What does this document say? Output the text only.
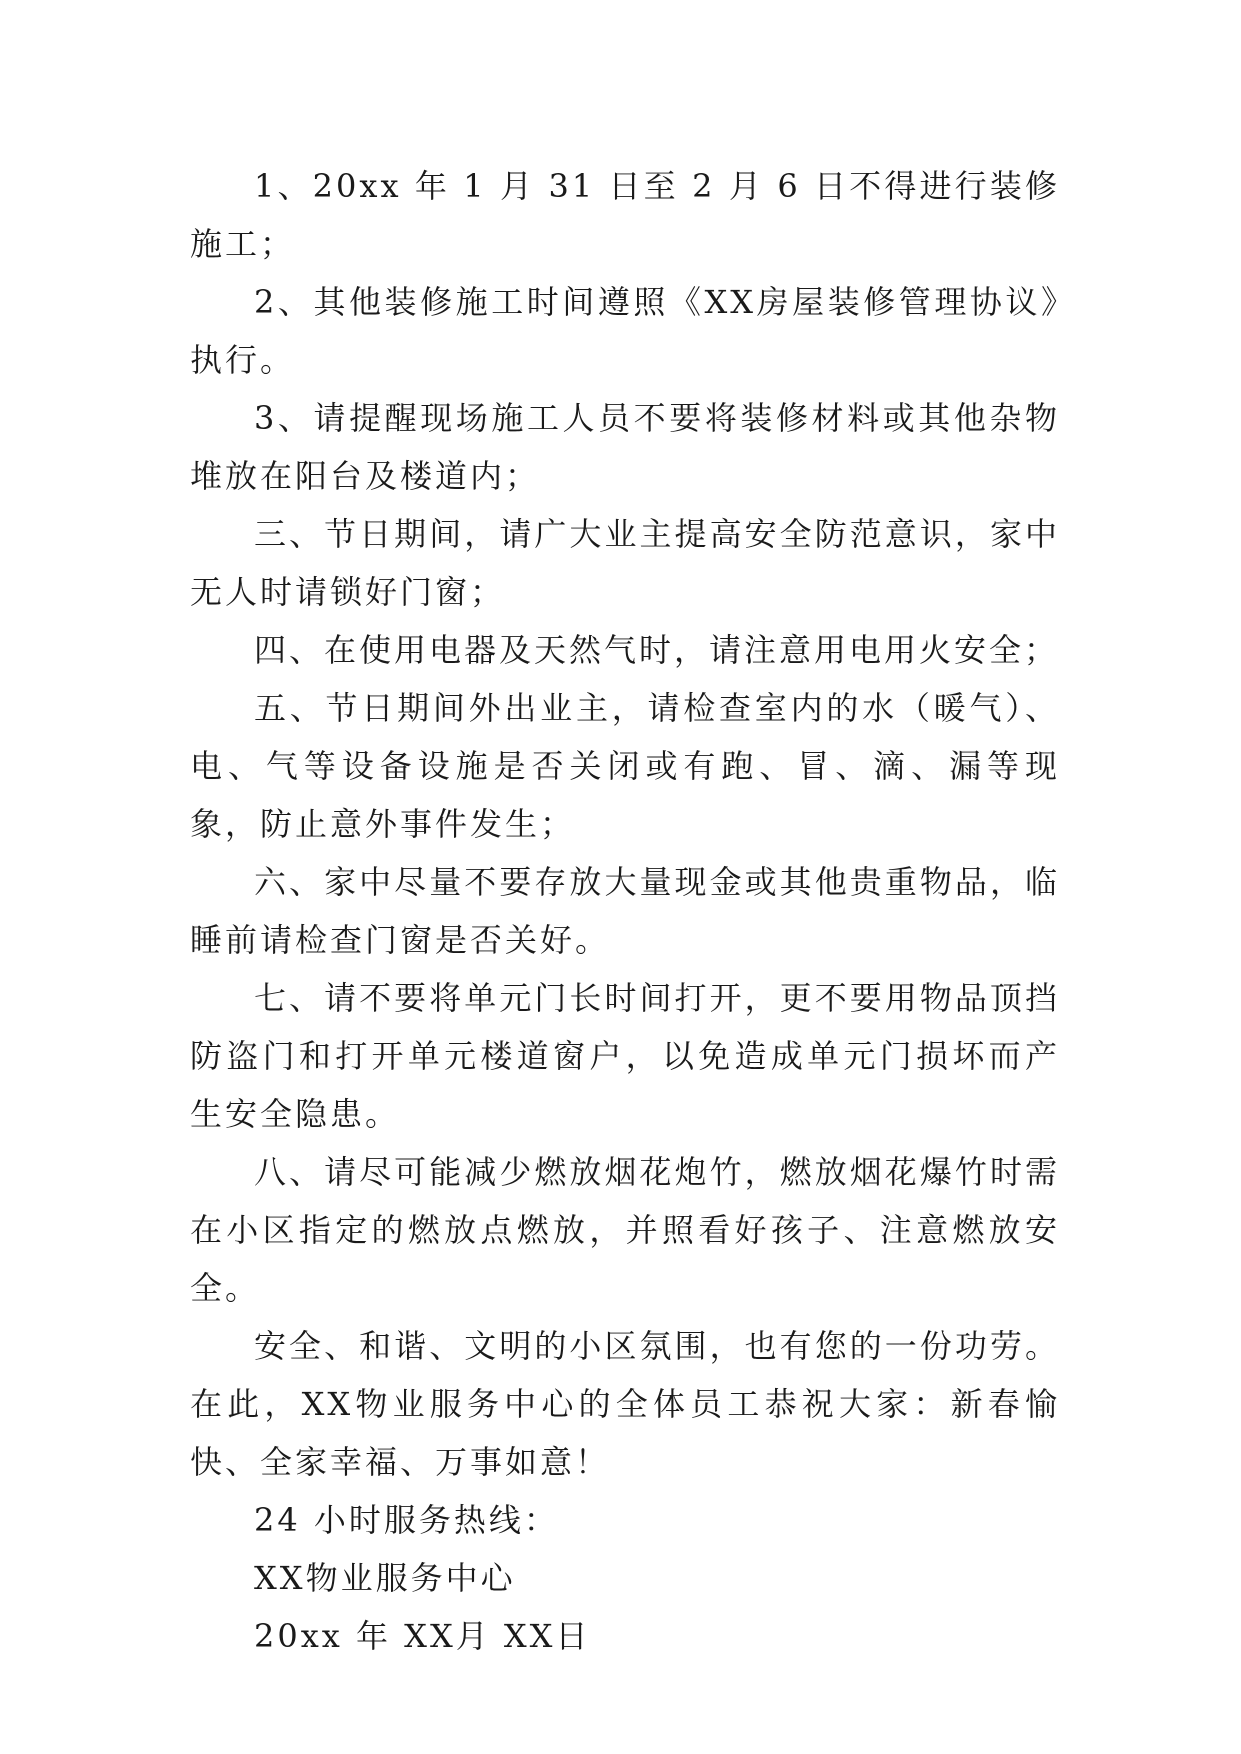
1、20xx 年 1 月 31 日至 2 月 6 日不得进行装修施工；

2、其他装修施工时间遵照《XX房屋装修管理协议》执行。

3、请提醒现场施工人员不要将装修材料或其他杂物堆放在阳台及楼道内；

三、节日期间，请广大业主提高安全防范意识，家中无人时请锁好门窗；

四、在使用电器及天然气时，请注意用电用火安全；

五、节日期间外出业主，请检查室内的水（暖气）、电、气等设备设施是否关闭或有跑、冒、滴、漏等现象，防止意外事件发生；

六、家中尽量不要存放大量现金或其他贵重物品，临睡前请检查门窗是否关好。

七、请不要将单元门长时间打开，更不要用物品顶挡防盗门和打开单元楼道窗户，以免造成单元门损坏而产生安全隐患。

八、请尽可能减少燃放烟花炮竹，燃放烟花爆竹时需在小区指定的燃放点燃放，并照看好孩子、注意燃放安全。

安全、和谐、文明的小区氛围，也有您的一份功劳。在此，XX物业服务中心的全体员工恭祝大家：新春愉快、全家幸福、万事如意！

24 小时服务热线：

XX物业服务中心

20xx 年 XX月 XX日
